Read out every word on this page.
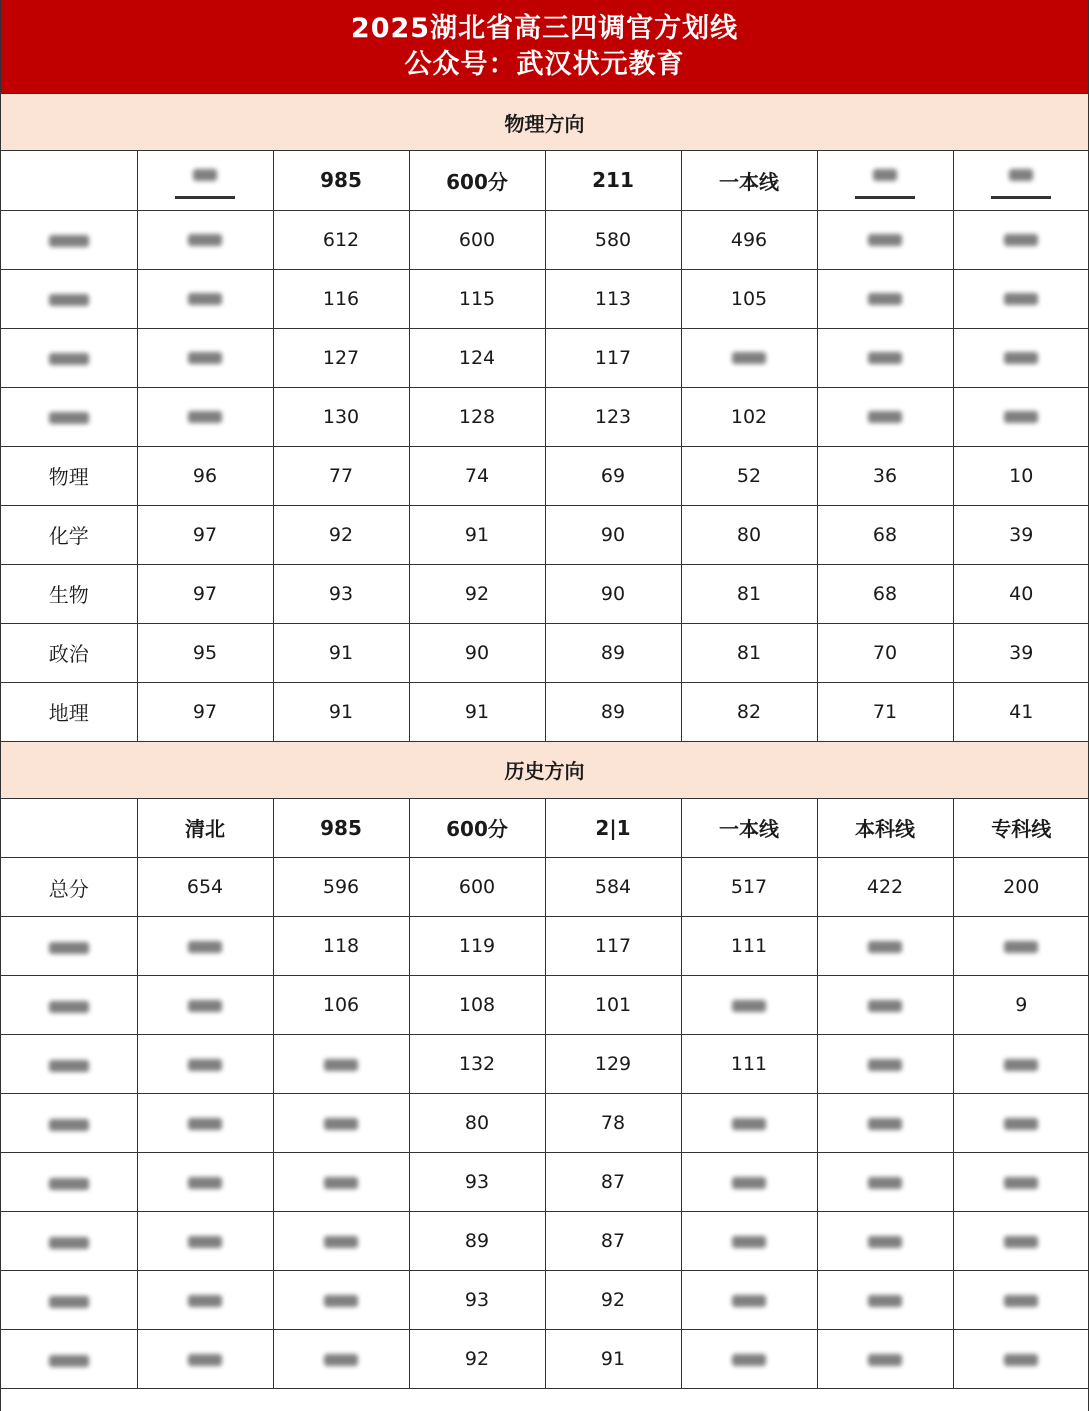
2025湖北省高三四调官方划线
公众号：武汉状元教育
物理方向
		985	600分	211	一本线		
		612	600	580	496		
		116	115	113	105		
		127	124	117			
		130	128	123	102		
物理	96	77	74	69	52	36	10
化学	97	92	91	90	80	68	39
生物	97	93	92	90	81	68	40
政治	95	91	90	89	81	70	39
地理	97	91	91	89	82	71	41
历史方向
	清北	985	600分	2|1	一本线	本科线	专科线
总分	654	596	600	584	517	422	200
		118	119	117	111		
		106	108	101			9
			132	129	111		
			80	78			
			93	87			
			89	87			
			93	92			
			92	91			
